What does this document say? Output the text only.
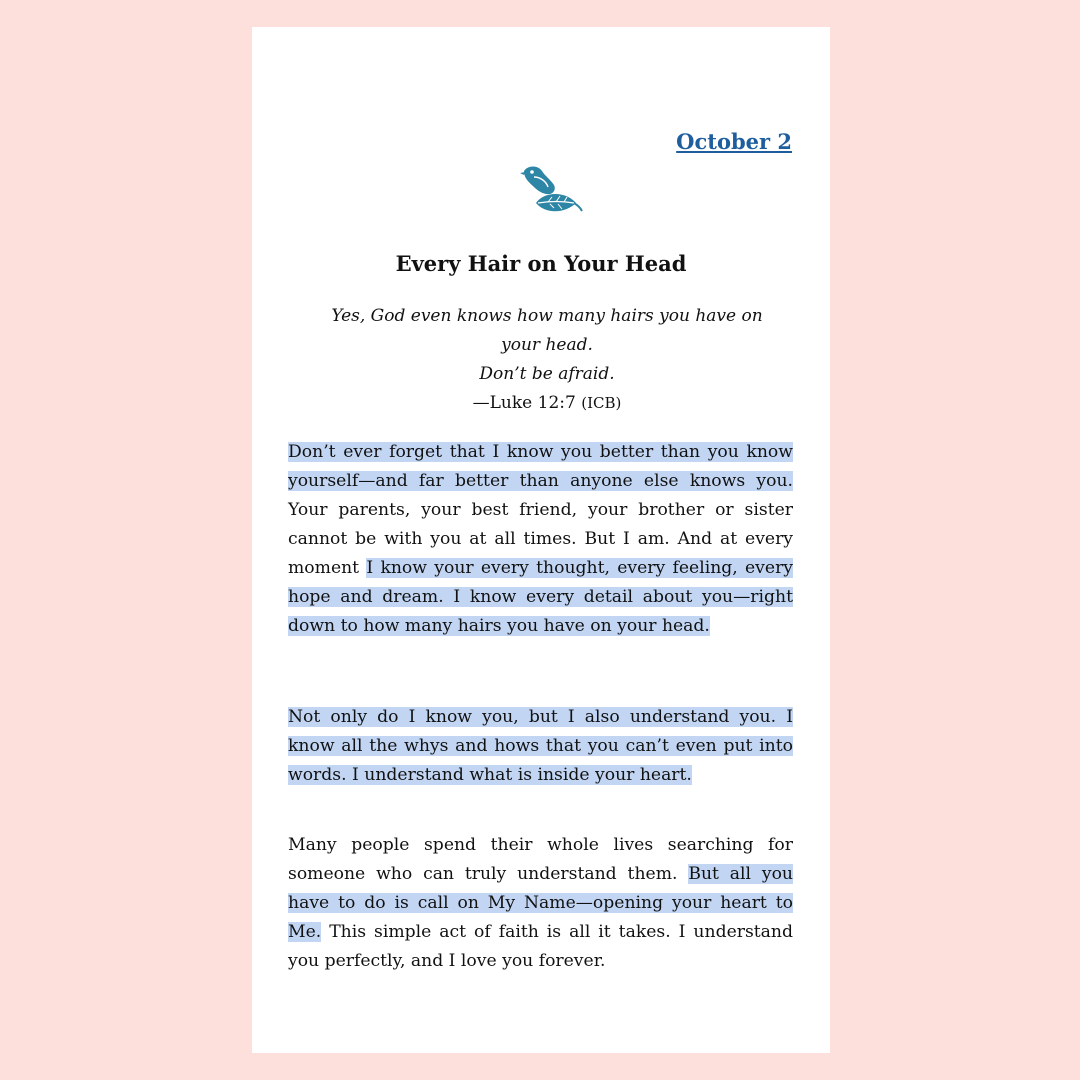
October 2
Every Hair on Your Head
Yes, God even knows how many hairs you have on your head.
Don’t be afraid.
—Luke 12:7 (ICB)

Don’t ever forget that I know you better than you know yourself—and far better than anyone else knows you. Your parents, your best friend, your brother or sister cannot be with you at all times. But I am. And at every moment I know your every thought, every feeling, every hope and dream. I know every detail about you—right down to how many hairs you have on your head.

Not only do I know you, but I also understand you. I know all the whys and hows that you can’t even put into words. I understand what is inside your heart.

Many people spend their whole lives searching for someone who can truly understand them. But all you have to do is call on My Name—opening your heart to Me. This simple act of faith is all it takes. I understand you perfectly, and I love you forever.
